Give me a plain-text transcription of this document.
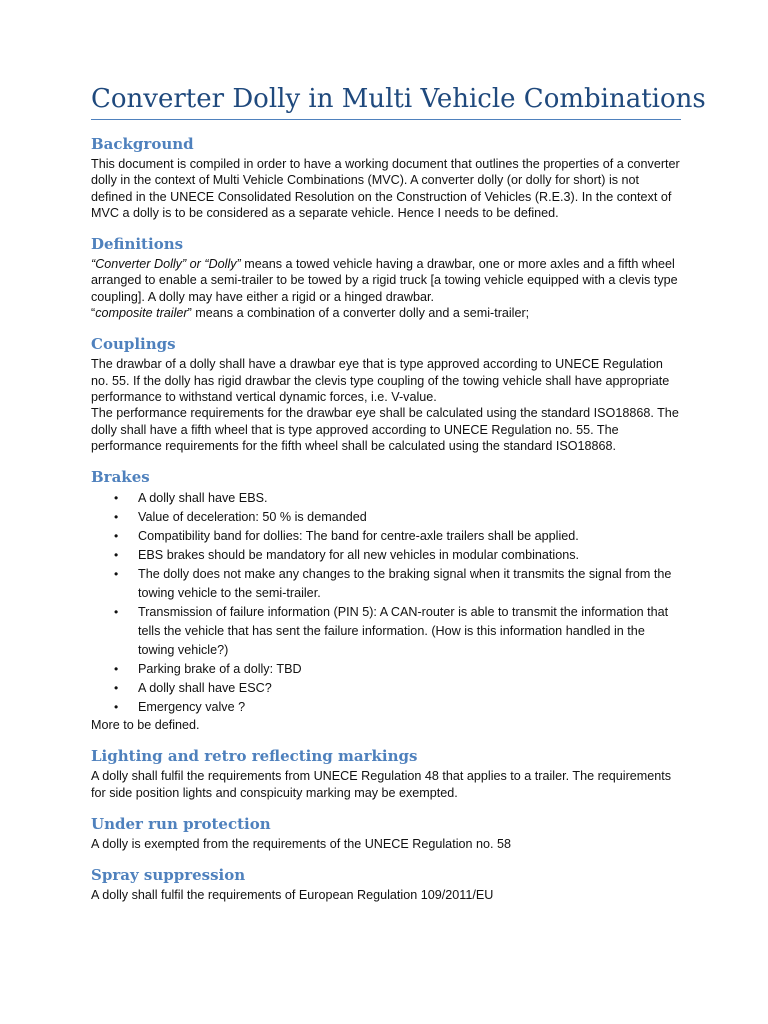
Converter Dolly in Multi Vehicle Combinations
Background

This document is compiled in order to have a working document that outlines the properties of a converter dolly in the context of Multi Vehicle Combinations (MVC). A converter dolly (or dolly for short) is not defined in the UNECE Consolidated Resolution on the Construction of Vehicles (R.E.3). In the context of MVC a dolly is to be considered as a separate vehicle. Hence I needs to be defined.

Definitions

“Converter Dolly” or “Dolly” means a towed vehicle having a drawbar, one or more axles and a fifth wheel arranged to enable a semi-trailer to be towed by a rigid truck [a towing vehicle equipped with a clevis type coupling]. A dolly may have either a rigid or a hinged drawbar.

“composite trailer” means a combination of a converter dolly and a semi-trailer;

Couplings

The drawbar of a dolly shall have a drawbar eye that is type approved according to UNECE Regulation no. 55. If the dolly has rigid drawbar the clevis type coupling of the towing vehicle shall have appropriate performance to withstand vertical dynamic forces, i.e. V-value.

The performance requirements for the drawbar eye shall be calculated using the standard ISO18868. The dolly shall have a fifth wheel that is type approved according to UNECE Regulation no. 55. The performance requirements for the fifth wheel shall be calculated using the standard ISO18868.

Brakes
• A dolly shall have EBS.
• Value of deceleration: 50 % is demanded
• Compatibility band for dollies: The band for centre-axle trailers shall be applied.
• EBS brakes should be mandatory for all new vehicles in modular combinations.
• The dolly does not make any changes to the braking signal when it transmits the signal from the towing vehicle to the semi-trailer.
• Transmission of failure information (PIN 5): A CAN-router is able to transmit the information that tells the vehicle that has sent the failure information. (How is this information handled in the towing vehicle?)
• Parking brake of a dolly: TBD
• A dolly shall have ESC?
• Emergency valve ?

More to be defined.

Lighting and retro reflecting markings

A dolly shall fulfil the requirements from UNECE Regulation 48 that applies to a trailer. The requirements for side position lights and conspicuity marking may be exempted.

Under run protection

A dolly is exempted from the requirements of the UNECE Regulation no. 58

Spray suppression

A dolly shall fulfil the requirements of European Regulation 109/2011/EU
